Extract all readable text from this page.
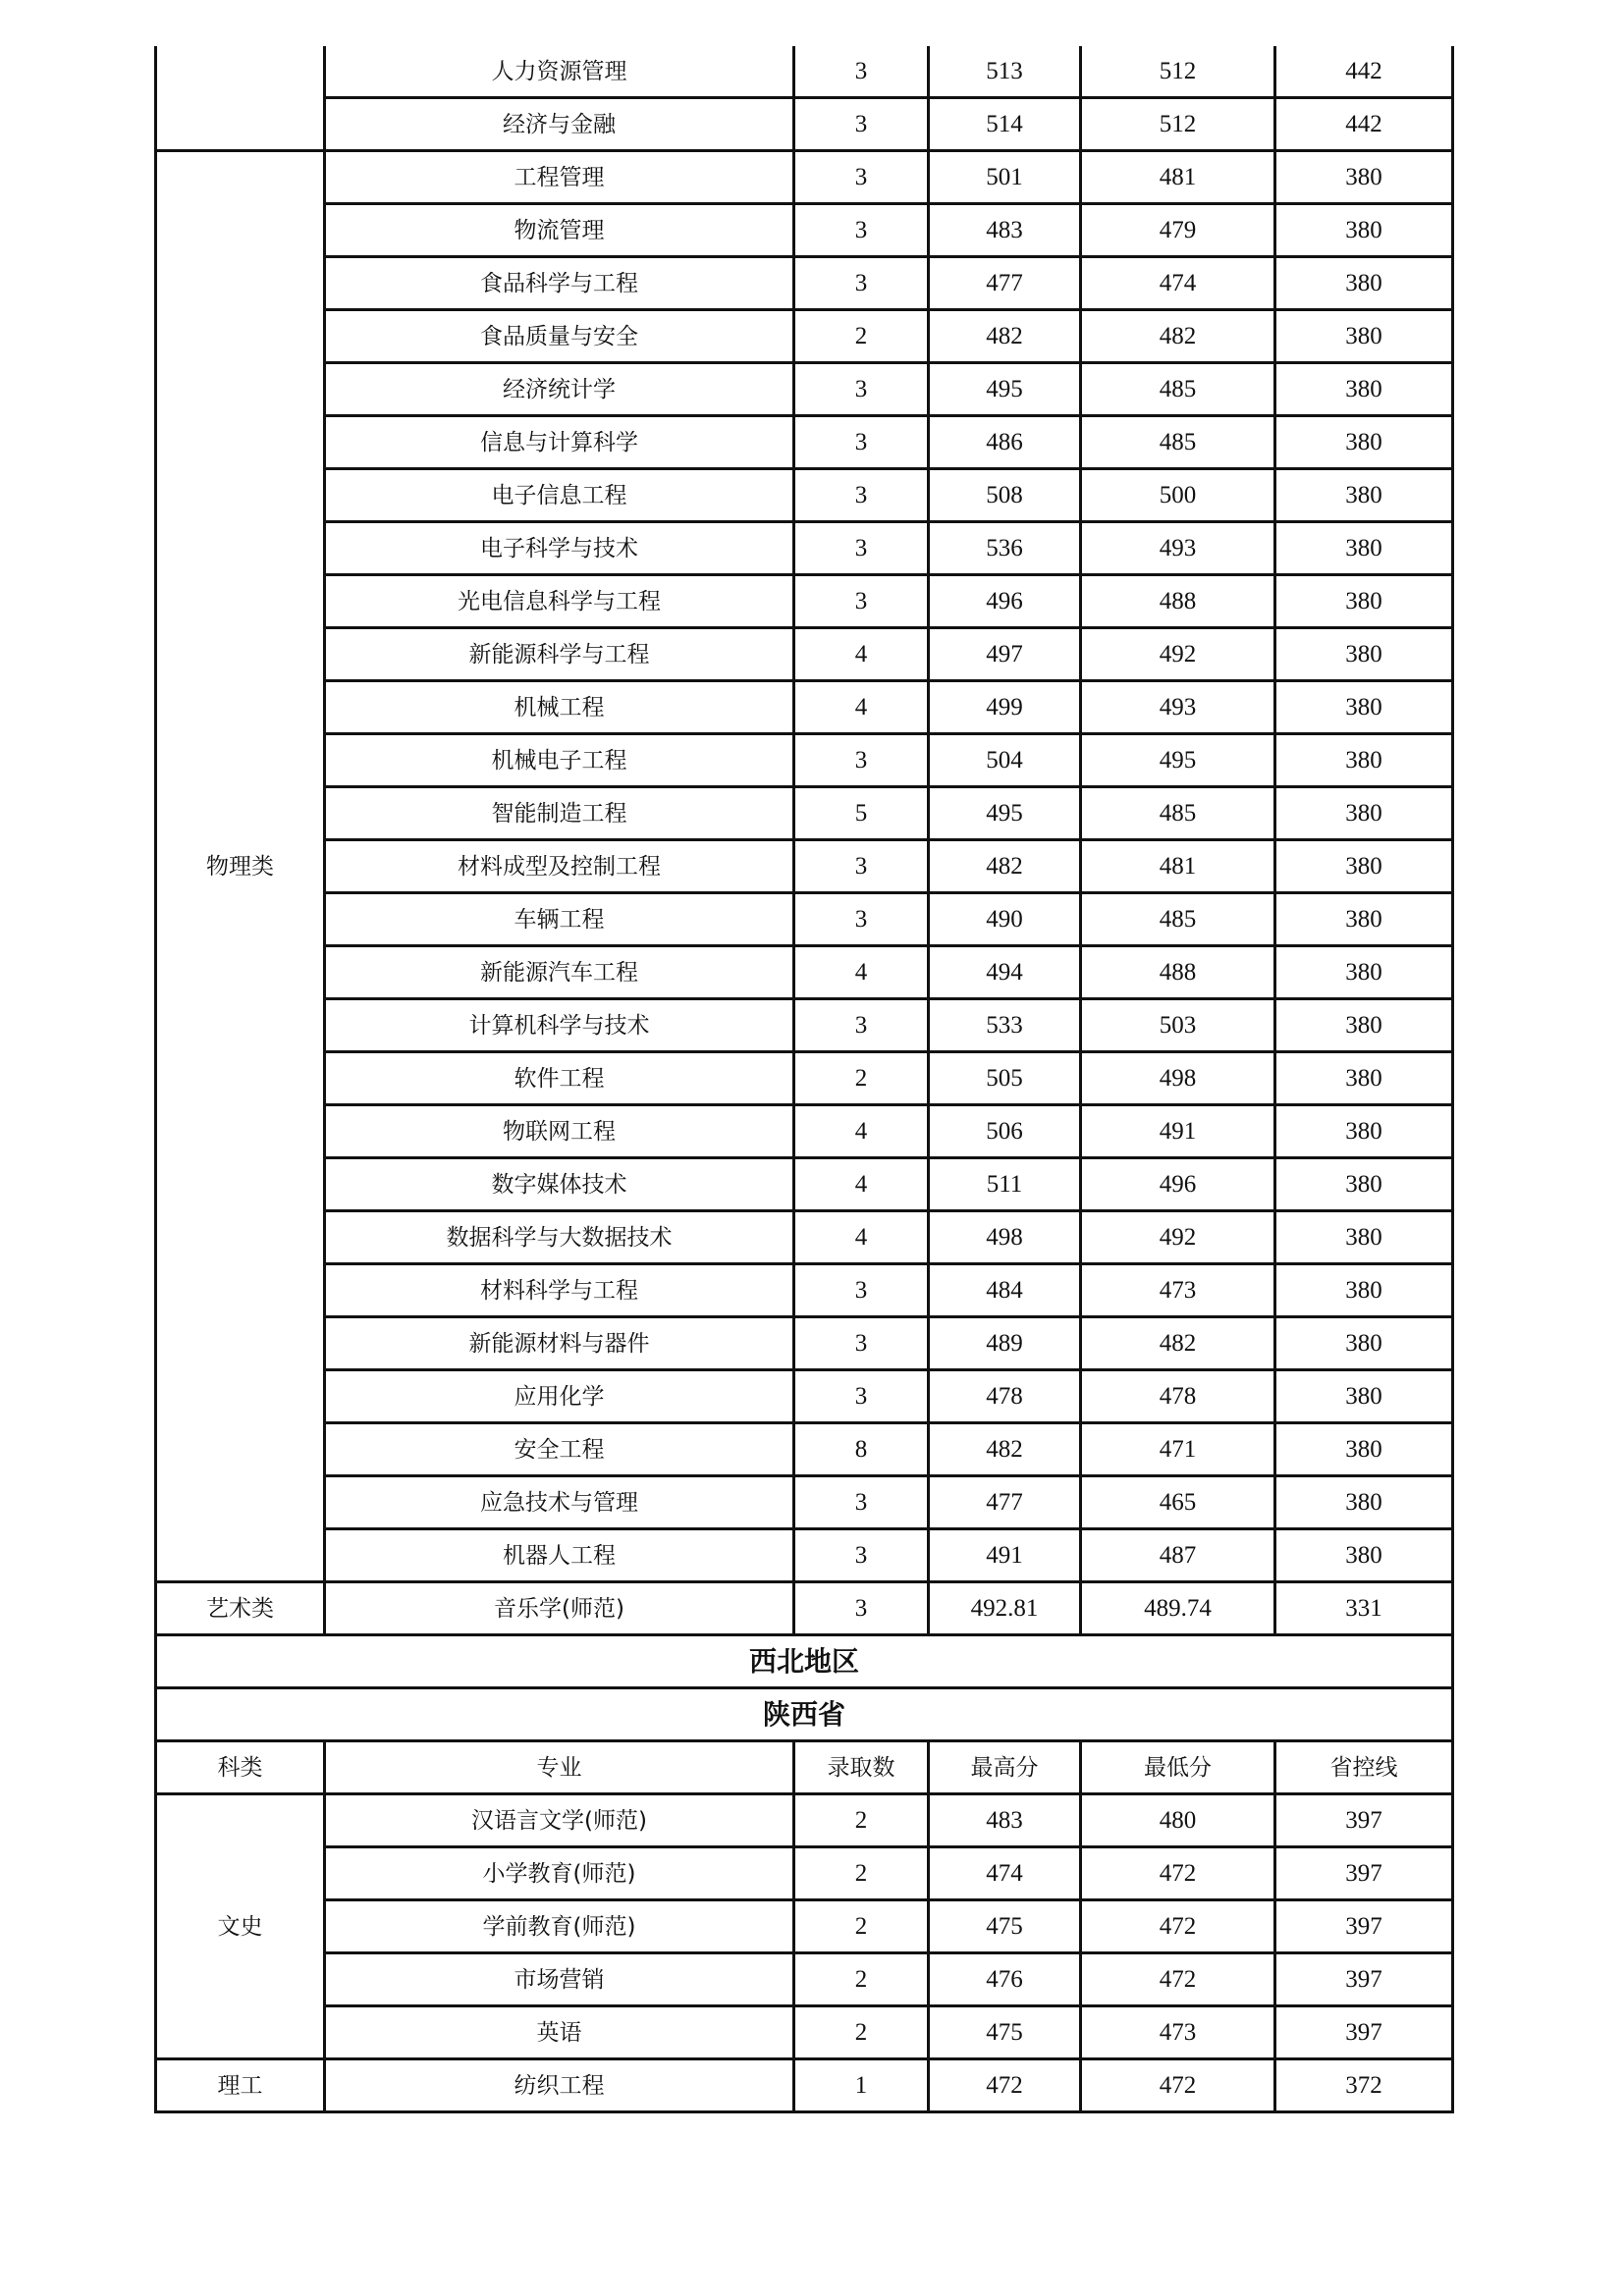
	人力资源管理	3	513	512	442
	经济与金融	3	514	512	442
物理类	工程管理	3	501	481	380
	物流管理	3	483	479	380
	食品科学与工程	3	477	474	380
	食品质量与安全	2	482	482	380
	经济统计学	3	495	485	380
	信息与计算科学	3	486	485	380
	电子信息工程	3	508	500	380
	电子科学与技术	3	536	493	380
	光电信息科学与工程	3	496	488	380
	新能源科学与工程	4	497	492	380
	机械工程	4	499	493	380
	机械电子工程	3	504	495	380
	智能制造工程	5	495	485	380
	材料成型及控制工程	3	482	481	380
	车辆工程	3	490	485	380
	新能源汽车工程	4	494	488	380
	计算机科学与技术	3	533	503	380
	软件工程	2	505	498	380
	物联网工程	4	506	491	380
	数字媒体技术	4	511	496	380
	数据科学与大数据技术	4	498	492	380
	材料科学与工程	3	484	473	380
	新能源材料与器件	3	489	482	380
	应用化学	3	478	478	380
	安全工程	8	482	471	380
	应急技术与管理	3	477	465	380
	机器人工程	3	491	487	380
艺术类	音乐学(师范)	3	492.81	489.74	331
西北地区					
陕西省					
科类	专业	录取数	最高分	最低分	省控线
文史	汉语言文学(师范)	2	483	480	397
	小学教育(师范)	2	474	472	397
	学前教育(师范)	2	475	472	397
	市场营销	2	476	472	397
	英语	2	475	473	397
理工	纺织工程	1	472	472	372
